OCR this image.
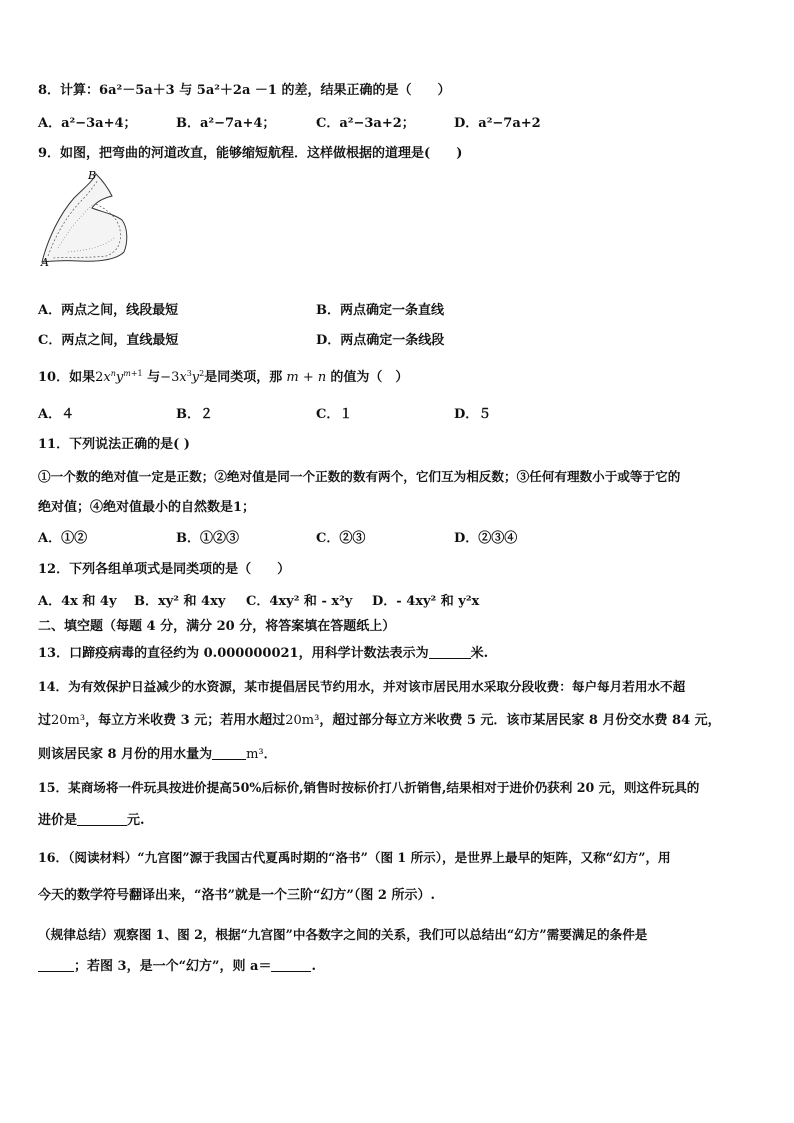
8．计算：6a²－5a＋3 与 5a²＋2a －1 的差，结果正确的是（　　）
A．a²−3a+4；	B．a²−7a+4；	C．a²−3a+2；	D．a²−7a+2
9．如图，把弯曲的河道改直，能够缩短航程．这样做根据的道理是(　　)
B
A
A．两点之间，线段最短	B．两点确定一条直线
C．两点之间，直线最短	D．两点确定一条线段
10．如果$2x^ny^{m+1}$ 与$-3x^3y^2$是同类项，那 m + n 的值为（　）
A．４	B．２	C．１	D．５
11．下列说法正确的是( )
①一个数的绝对值一定是正数；②绝对值是同一个正数的数有两个，它们互为相反数；③任何有理数小于或等于它的
绝对值；④绝对值最小的自然数是1；
A．①②	B．①②③	C．②③	D．②③④
12．下列各组单项式是同类项的是（　　）
A．4x 和 4y B．xy² 和 4xy C．4xy² 和 - x²y D．- 4xy² 和 y²x
二、填空题（每题 4 分，满分 20 分，将答案填在答题纸上）
13．口蹄疫病毒的直径约为 0.000000021，用科学计数法表示为	米.
14．为有效保护日益减少的水资源，某市提倡居民节约用水，并对该市居民用水采取分段收费：每户每月若用水不超
过20m³，每立方米收费 3 元；若用水超过20m³，超过部分每立方米收费 5 元．该市某居民家 8 月份交水费 84 元，
则该居民家 8 月份的用水量为	m³．
15．某商场将一件玩具按进价提高50%后标价,销售时按标价打八折销售,结果相对于进价仍获利 20 元，则这件玩具的
进价是	元.
16．（阅读材料）“九宫图”源于我国古代夏禹时期的“洛书”（图 1 所示），是世界上最早的矩阵，又称“幻方”，用
今天的数学符号翻译出来，“洛书”就是一个三阶“幻方”（图 2 所示）.
（规律总结）观察图 1、图 2，根据“九宫图”中各数字之间的关系，我们可以总结出“幻方”需要满足的条件是
；若图 3，是一个“幻方”，则 a＝	.
